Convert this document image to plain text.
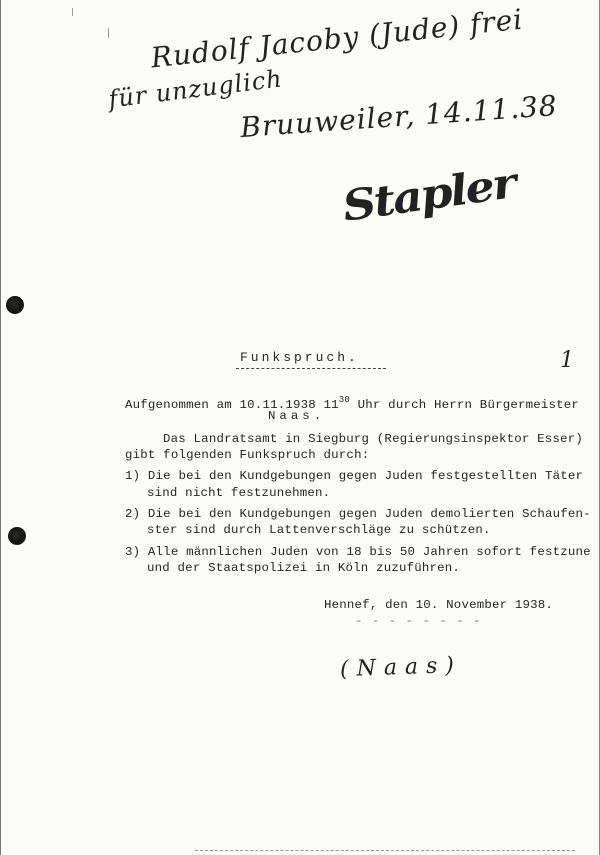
Rudolf Jacoby (Jude) frei
für unzuglich
Bruuweiler, 14.11.38
Stapler
Funkspruch.	1
Aufgenommen am 10.11.1938 $11^{30}$ Uhr durch Herrn Bürgermeister
Naas.
Das Landratsamt in Siegburg (Regierungsinspektor Esser)
gibt folgenden Funkspruch durch:
1) Die bei den Kundgebungen gegen Juden festgestellten Täter
sind nicht festzunehmen.
2) Die bei den Kundgebungen gegen Juden demolierten Schaufen-
ster sind durch Lattenverschläge zu schützen.
3) Alle männlichen Juden von 18 bis 50 Jahren sofort festzune
und der Staatspolizei in Köln zuzuführen.
Hennef, den 10. November 1938.
- - - - - - - -
(Naas)
